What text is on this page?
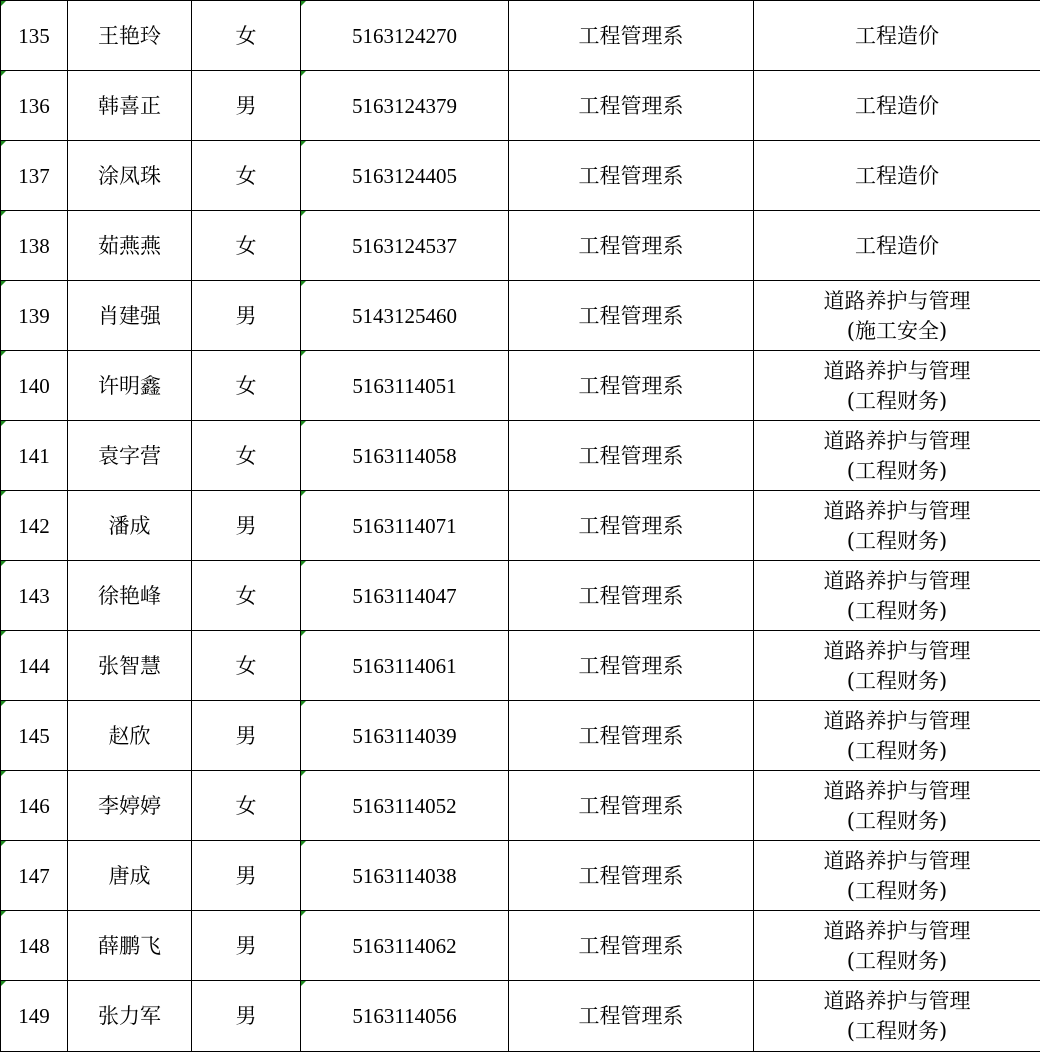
135	王艳玲	女	5163124270	工程管理系	工程造价

136	韩喜正	男	5163124379	工程管理系	工程造价

137	涂凤珠	女	5163124405	工程管理系	工程造价

138	茹燕燕	女	5163124537	工程管理系	工程造价

139	肖建强	男	5143125460	工程管理系	道路养护与管理
(施工安全)

140	许明鑫	女	5163114051	工程管理系	道路养护与管理
(工程财务)

141	袁字营	女	5163114058	工程管理系	道路养护与管理
(工程财务)

142	潘成	男	5163114071	工程管理系	道路养护与管理
(工程财务)

143	徐艳峰	女	5163114047	工程管理系	道路养护与管理
(工程财务)

144	张智慧	女	5163114061	工程管理系	道路养护与管理
(工程财务)

145	赵欣	男	5163114039	工程管理系	道路养护与管理
(工程财务)

146	李婷婷	女	5163114052	工程管理系	道路养护与管理
(工程财务)

147	唐成	男	5163114038	工程管理系	道路养护与管理
(工程财务)

148	薛鹏飞	男	5163114062	工程管理系	道路养护与管理
(工程财务)

149	张力军	男	5163114056	工程管理系	道路养护与管理
(工程财务)
